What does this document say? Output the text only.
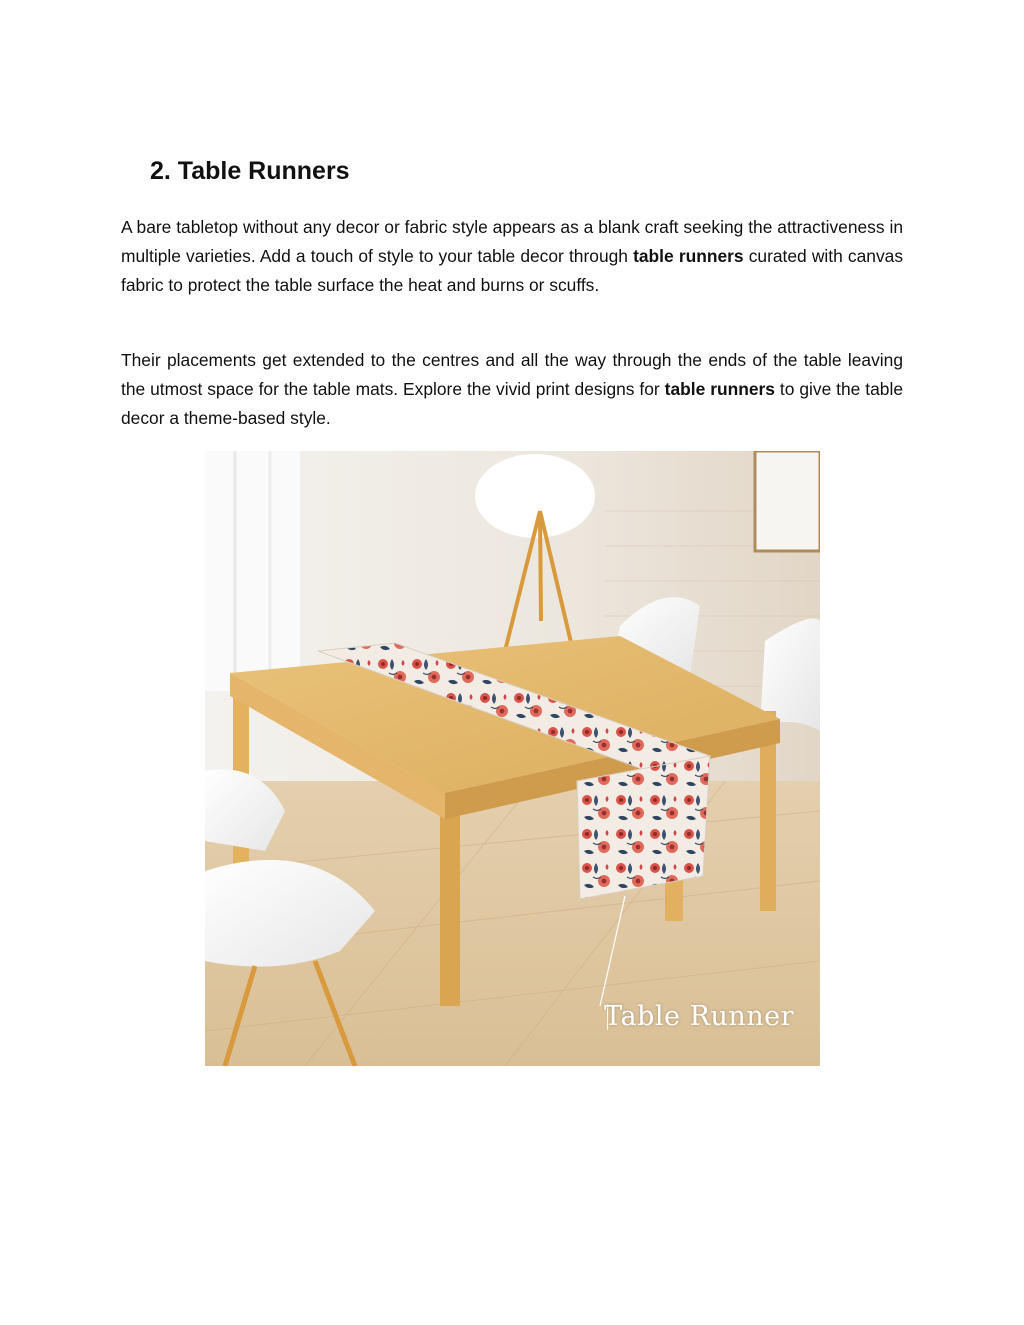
2. Table Runners

A bare tabletop without any decor or fabric style appears as a blank craft seeking the attractiveness in multiple varieties. Add a touch of style to your table decor through table runners curated with canvas fabric to protect the table surface the heat and burns or scuffs.

Their placements get extended to the centres and all the way through the ends of the table leaving the utmost space for the table mats. Explore the vivid print designs for table runners to give the table decor a theme-based style.

Table Runner
